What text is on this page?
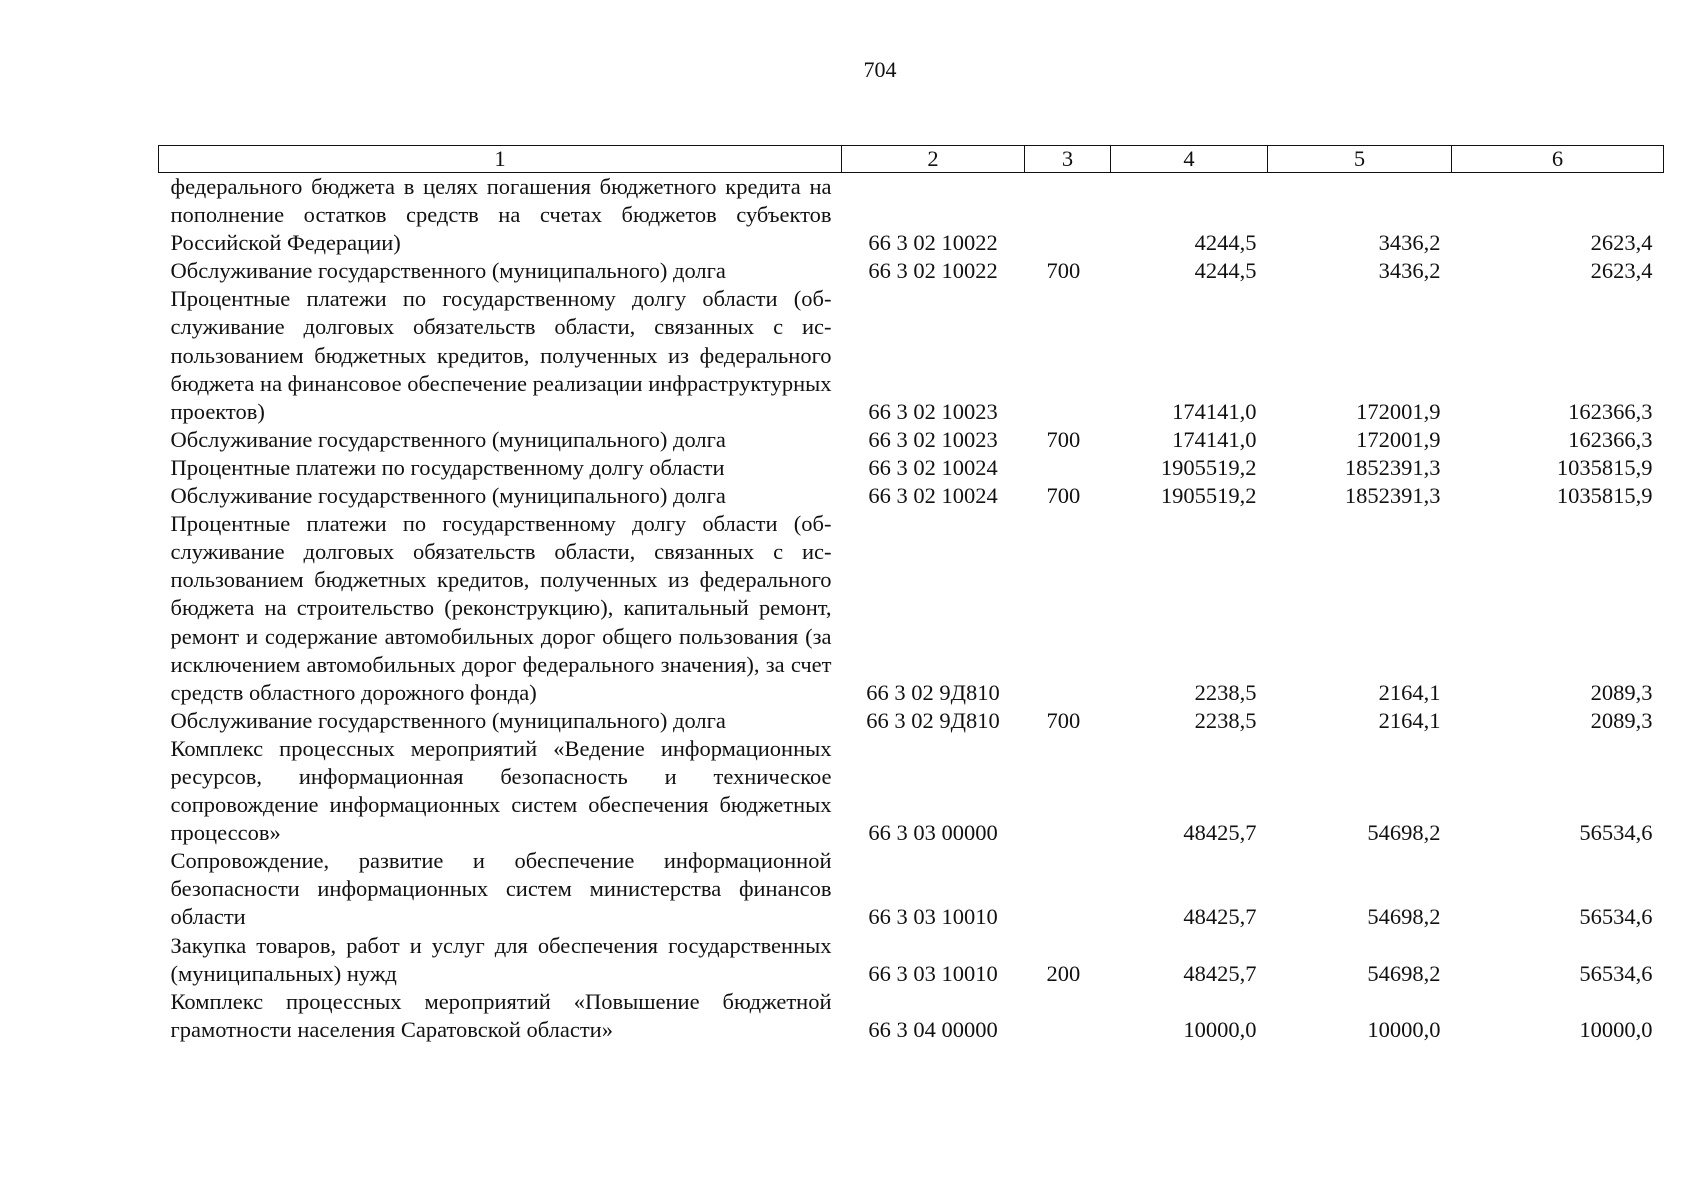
704
1	2	3	4	5	6
федерального бюджета в целях погашения бюджетного кредита на пополнение остатков средств на счетах бюджетов субъектов Российской Федерации)	66 3 02 10022		4244,5	3436,2	2623,4
Обслуживание государственного (муниципального) долга	66 3 02 10022	700	4244,5	3436,2	2623,4
Процентные платежи по государственному долгу области (обслуживание долговых обязательств области, связанных с использованием бюджетных кредитов, полученных из федерального бюджета на финансовое обеспечение реализации инфраструктурных проектов)	66 3 02 10023		174141,0	172001,9	162366,3
Обслуживание государственного (муниципального) долга	66 3 02 10023	700	174141,0	172001,9	162366,3
Процентные платежи по государственному долгу области	66 3 02 10024		1905519,2	1852391,3	1035815,9
Обслуживание государственного (муниципального) долга	66 3 02 10024	700	1905519,2	1852391,3	1035815,9
Процентные платежи по государственному долгу области (обслуживание долговых обязательств области, связанных с использованием бюджетных кредитов, полученных из федерального бюджета на строительство (реконструкцию), капитальный ремонт, ремонт и содержание автомобильных дорог общего пользования (за исключением автомобильных дорог федерального значения), за счет средств областного дорожного фонда)	66 3 02 9Д810		2238,5	2164,1	2089,3
Обслуживание государственного (муниципального) долга	66 3 02 9Д810	700	2238,5	2164,1	2089,3
Комплекс процессных мероприятий «Ведение информационных ресурсов, информационная безопасность и техническое сопровождение информационных систем обеспечения бюджетных процессов»	66 3 03 00000		48425,7	54698,2	56534,6
Сопровождение, развитие и обеспечение информационной безопасности информационных систем министерства финансов области	66 3 03 10010		48425,7	54698,2	56534,6
Закупка товаров, работ и услуг для обеспечения государственных (муниципальных) нужд	66 3 03 10010	200	48425,7	54698,2	56534,6
Комплекс процессных мероприятий «Повышение бюджетной грамотности населения Саратовской области»	66 3 04 00000		10000,0	10000,0	10000,0
